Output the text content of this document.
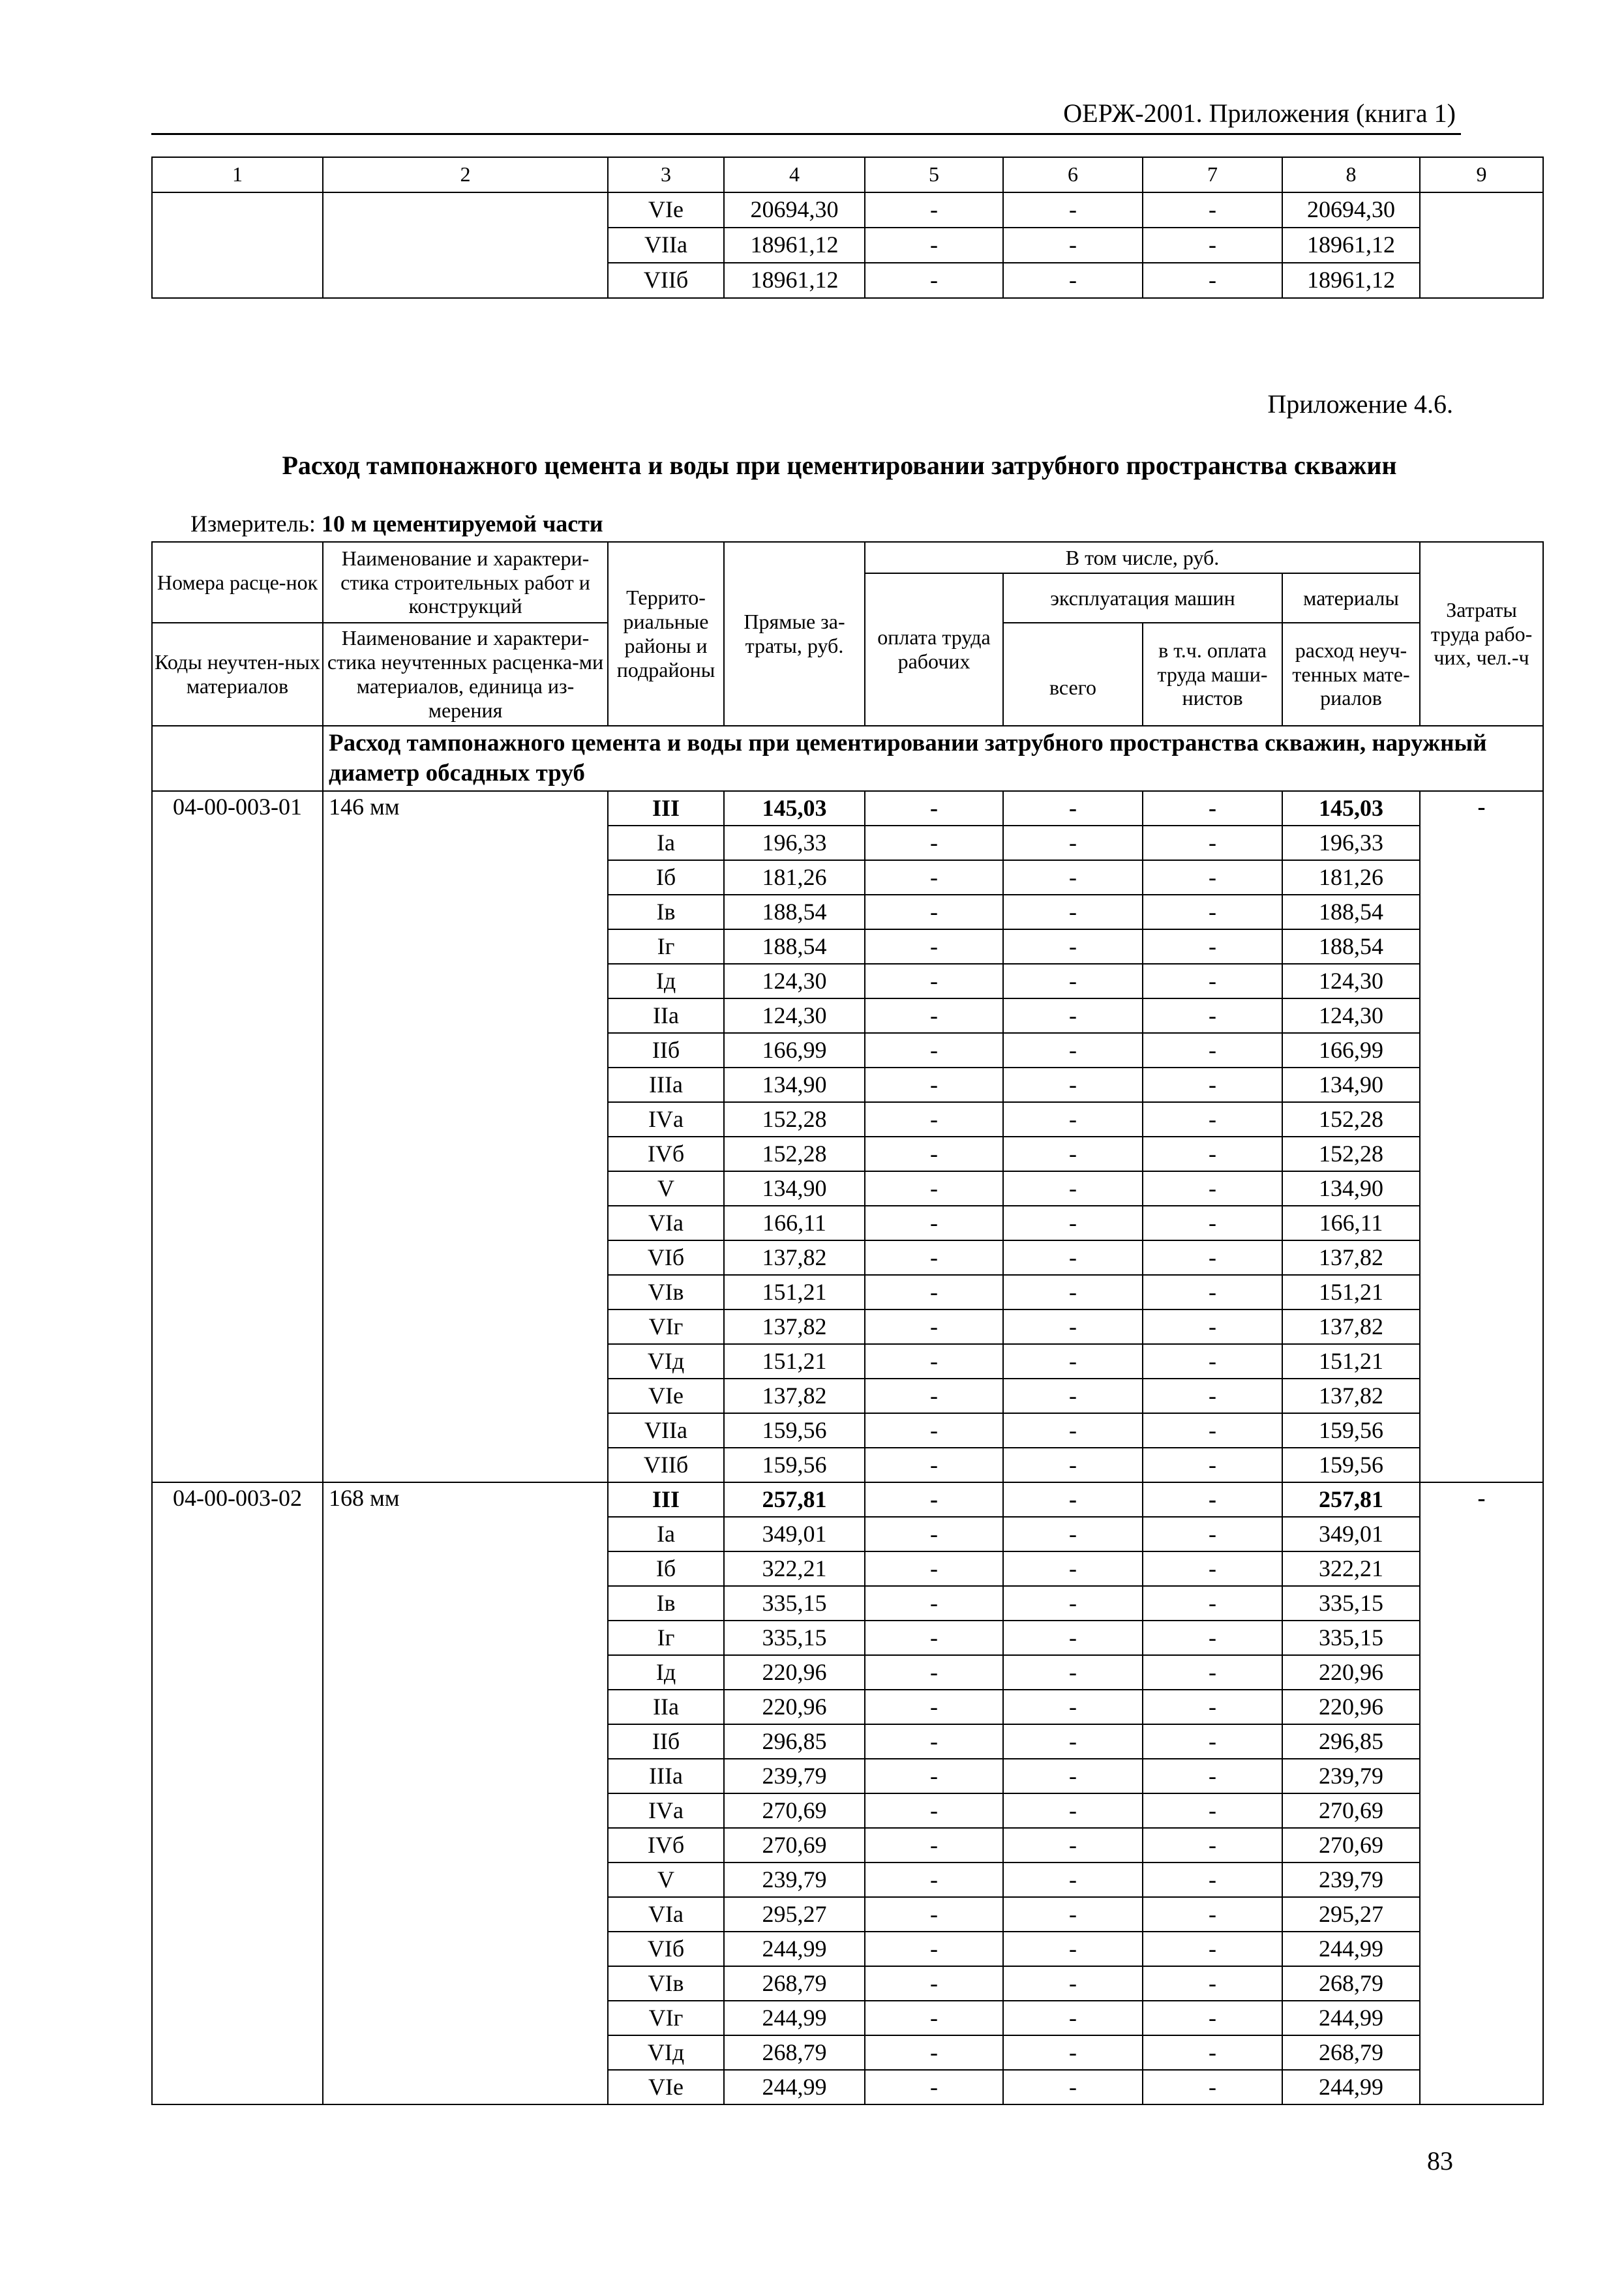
ОЕРЖ-2001. Приложения (книга 1)
1	2	3	4	5	6	7	8	9
		VIе	20694,30	-	-	-	20694,30	
		VIIа	18961,12	-	-	-	18961,12	
		VIIб	18961,12	-	-	-	18961,12	
Приложение 4.6.
Расход тампонажного цемента и воды при цементировании затрубного пространства скважин
Измеритель: 10 м цементируемой части
Номера расце-нок	Наименование и характери-стика строительных работ и конструкций	Террито-риальные районы и подрайоны	Прямые за-траты, руб.	В том числе, руб.				Затраты труда рабо-чих, чел.-ч
				оплата труда рабочих	эксплуатация машин		материалы	
Коды неучтен-ных материалов	Наименование и характери-стика неучтенных расценка-ми материалов, единица из-мерения				всего	в т.ч. оплата труда маши-нистов	расход неуч-тенных мате-риалов	

	Расход тампонажного цемента и воды при цементировании затрубного пространства скважин, наружный диаметр обсадных труб							
04-00-003-01	146 мм	III	145,03	-	-	-	145,03	-
		Iа	196,33	-	-	-	196,33	
		Iб	181,26	-	-	-	181,26	
		Iв	188,54	-	-	-	188,54	
		Iг	188,54	-	-	-	188,54	
		Iд	124,30	-	-	-	124,30	
		IIа	124,30	-	-	-	124,30	
		IIб	166,99	-	-	-	166,99	
		IIIа	134,90	-	-	-	134,90	
		IVа	152,28	-	-	-	152,28	
		IVб	152,28	-	-	-	152,28	
		V	134,90	-	-	-	134,90	
		VIа	166,11	-	-	-	166,11	
		VIб	137,82	-	-	-	137,82	
		VIв	151,21	-	-	-	151,21	
		VIг	137,82	-	-	-	137,82	
		VIд	151,21	-	-	-	151,21	
		VIе	137,82	-	-	-	137,82	
		VIIа	159,56	-	-	-	159,56	
		VIIб	159,56	-	-	-	159,56	
04-00-003-02	168 мм	III	257,81	-	-	-	257,81	-
		Iа	349,01	-	-	-	349,01	
		Iб	322,21	-	-	-	322,21	
		Iв	335,15	-	-	-	335,15	
		Iг	335,15	-	-	-	335,15	
		Iд	220,96	-	-	-	220,96	
		IIа	220,96	-	-	-	220,96	
		IIб	296,85	-	-	-	296,85	
		IIIа	239,79	-	-	-	239,79	
		IVа	270,69	-	-	-	270,69	
		IVб	270,69	-	-	-	270,69	
		V	239,79	-	-	-	239,79	
		VIа	295,27	-	-	-	295,27	
		VIб	244,99	-	-	-	244,99	
		VIв	268,79	-	-	-	268,79	
		VIг	244,99	-	-	-	244,99	
		VIд	268,79	-	-	-	268,79	
		VIе	244,99	-	-	-	244,99	
83
